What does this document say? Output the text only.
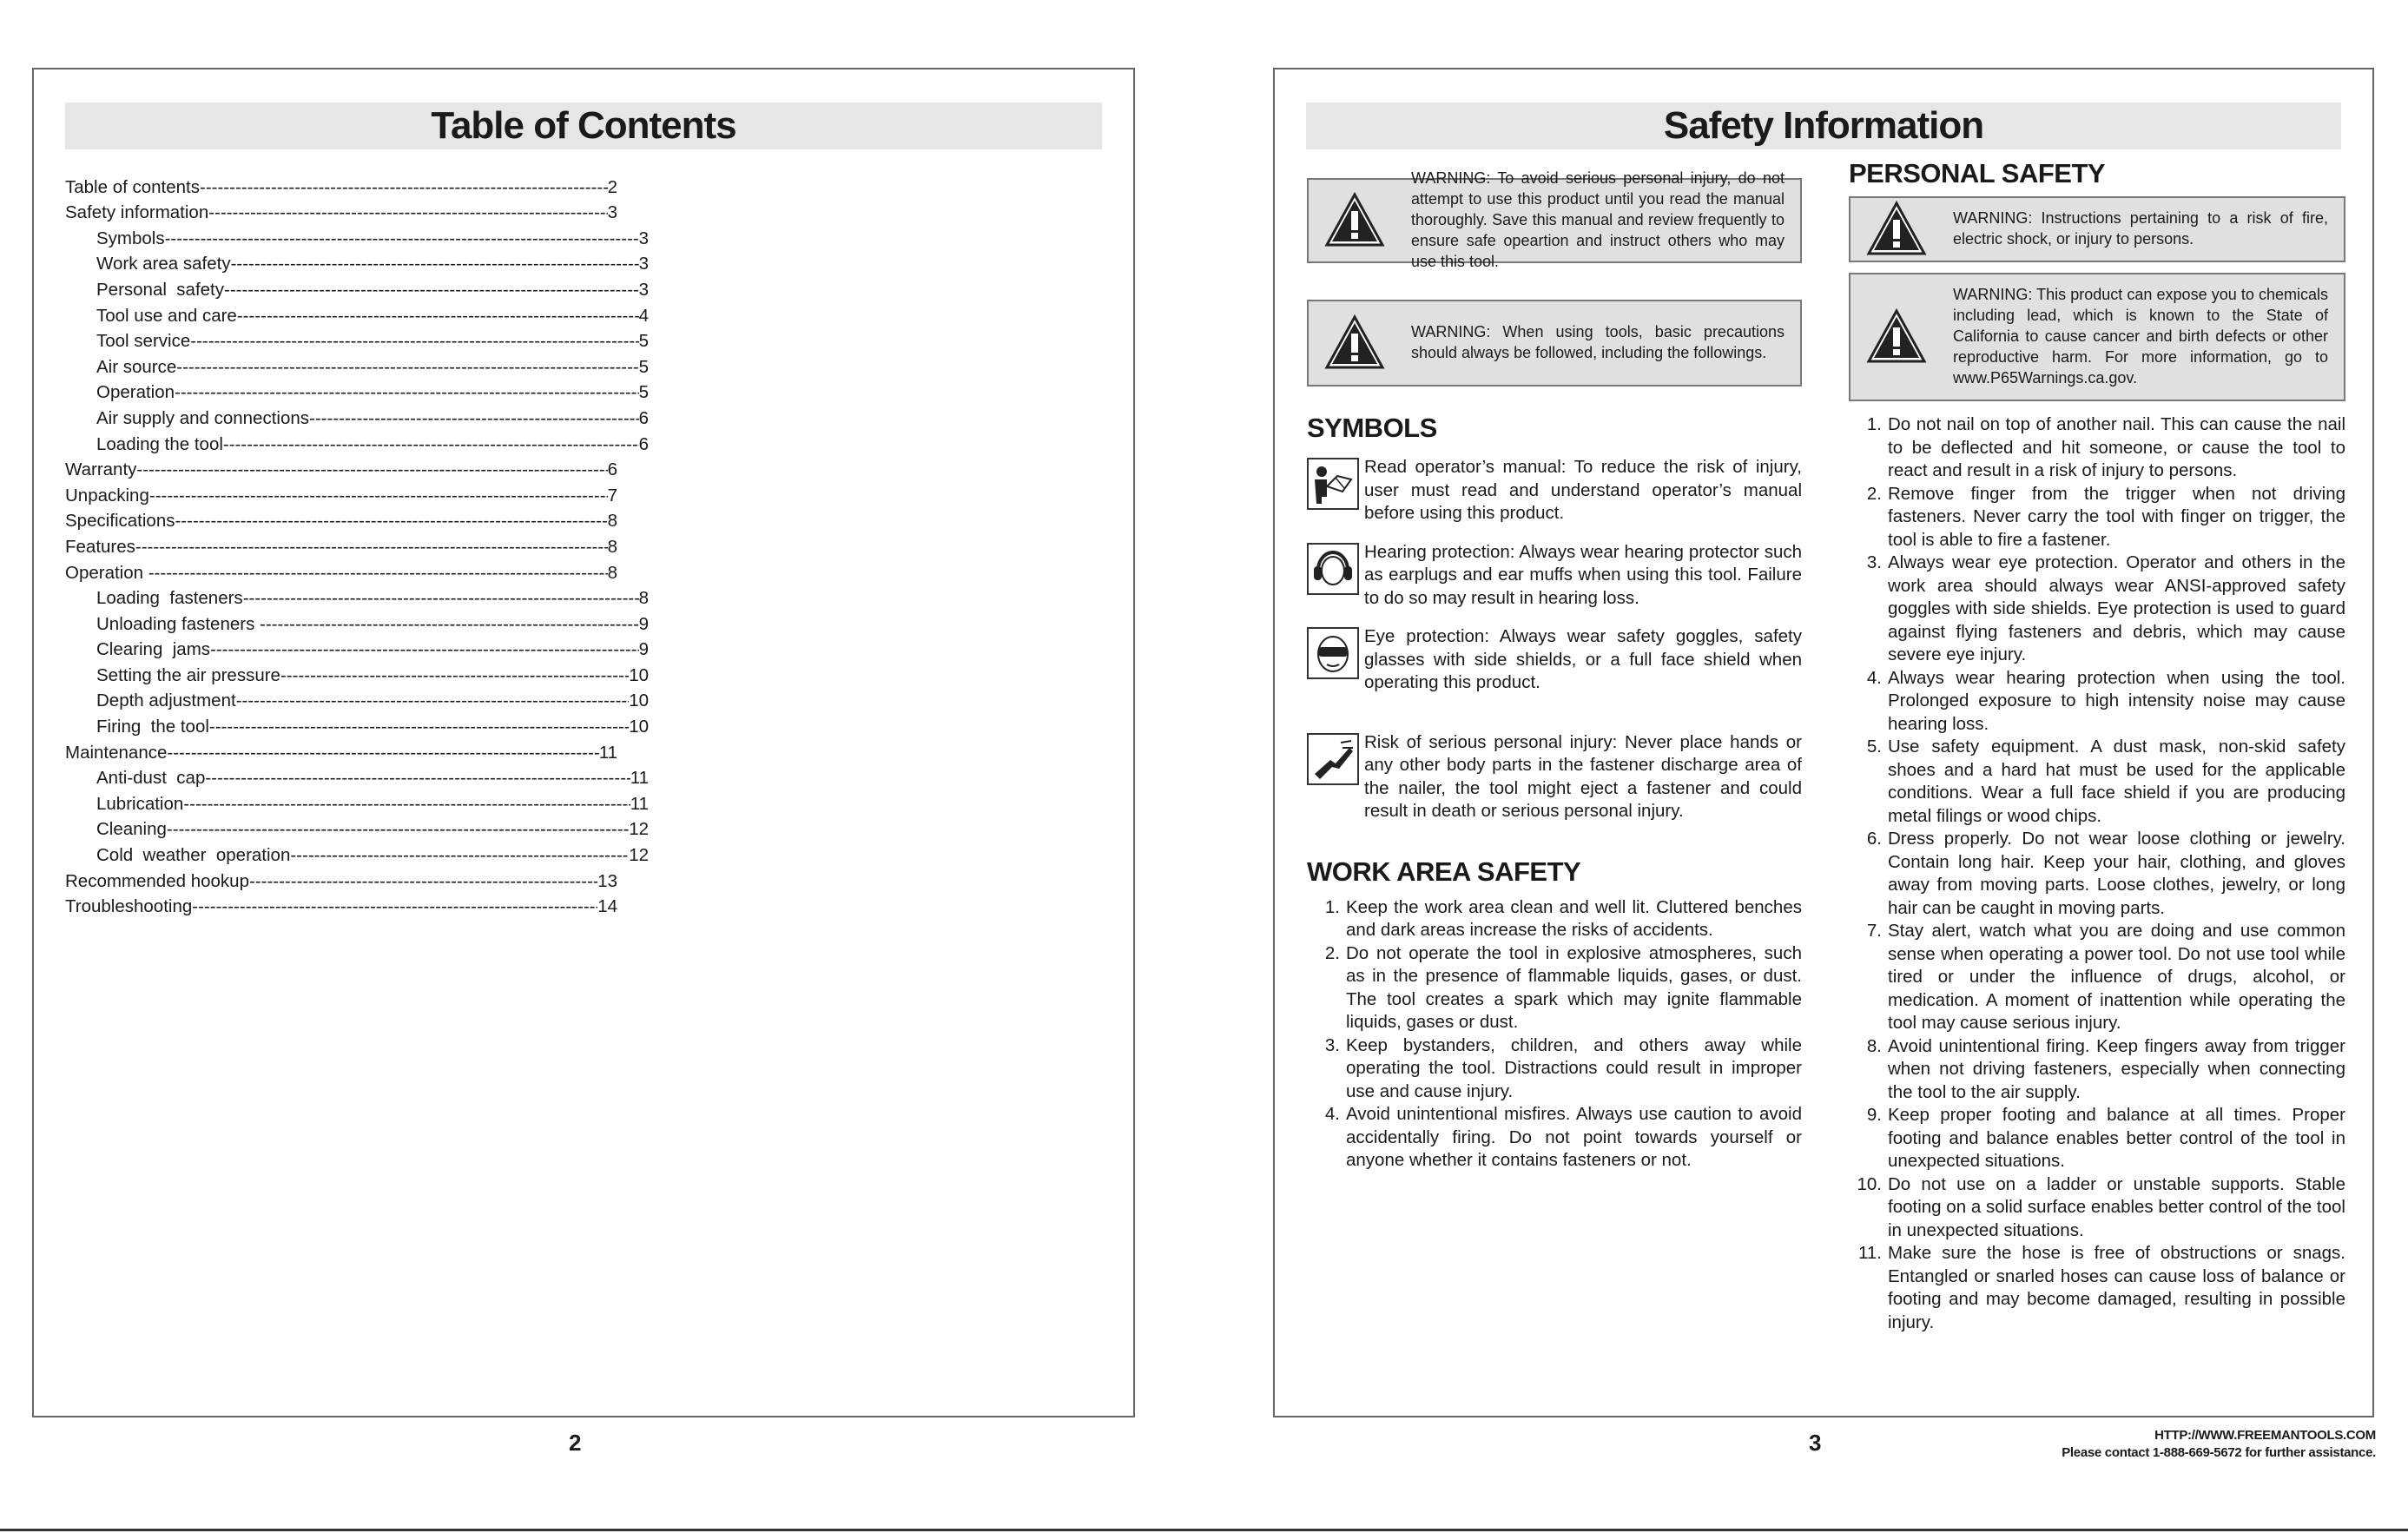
Table of Contents
Table of contents -----	2
Safety information -----	3
Symbols -----	3
Work area safety -----	3
Personal  safety -----	3
Tool use and care -----	4
Tool service -----	5
Air source -----	5
Operation -----	5
Air supply and connections -----	6
Loading the tool -----	6
Warranty -----	6
Unpacking -----	7
Specifications -----	8
Features -----	8
Operation -----	8
Loading  fasteners -----	8
Unloading fasteners -----	9
Clearing  jams -----	9
Setting the air pressure -----	10
Depth adjustment -----	10
Firing  the tool -----	10
Maintenance -----	11
Anti-dust  cap -----	11
Lubrication -----	11
Cleaning -----	12
Cold  weather  operation -----	12
Recommended hookup -----	13
Troubleshooting -----	14
2
Safety Information
WARNING: To avoid serious personal injury, do not attempt to use this product until you read the manual thoroughly. Save this manual and review frequently to ensure safe opeartion and instruct others who may use this tool.
WARNING: When using tools, basic precautions should always be followed, including the followings.
SYMBOLS
Read operator’s manual: To reduce the risk of injury, user must read and understand operator’s manual before using this product.
Hearing protection: Always wear hearing protector such as earplugs and ear muffs when using this tool. Failure to do so may result in hearing loss.
Eye protection: Always wear safety goggles, safety glasses with side shields, or a full face shield when operating this product.
Risk of serious personal injury: Never place hands or any other body parts in the fastener discharge area of the nailer, the tool might eject a fastener and could result in death or serious personal injury.
WORK AREA SAFETY
1. Keep the work area clean and well lit. Cluttered benches and dark areas increase the risks of accidents.
2. Do not operate the tool in explosive atmospheres, such as in the presence of flammable liquids, gases, or dust. The tool creates a spark which may ignite flammable liquids, gases or dust.
3. Keep bystanders, children, and others away while operating the tool. Distractions could result in improper use and cause injury.
4. Avoid unintentional misfires. Always use caution to avoid accidentally firing. Do not point towards yourself or anyone whether it contains fasteners or not.
PERSONAL SAFETY
WARNING: Instructions pertaining to a risk of fire, electric shock, or injury to persons.
WARNING: This product can expose you to chemicals including lead, which is known to the State of California to cause cancer and birth defects or other reproductive harm. For more information, go to www.P65Warnings.ca.gov.
1. Do not nail on top of another nail. This can cause the nail to be deflected and hit someone, or cause the tool to react and result in a risk of injury to persons.
2. Remove finger from the trigger when not driving fasteners. Never carry the tool with finger on trigger, the tool is able to fire a fastener.
3. Always wear eye protection. Operator and others in the work area should always wear ANSI-approved safety goggles with side shields. Eye protection is used to guard against flying fasteners and debris, which may cause severe eye injury.
4. Always wear hearing protection when using the tool. Prolonged exposure to high intensity noise may cause hearing loss.
5. Use safety equipment. A dust mask, non-skid safety shoes and a hard hat must be used for the applicable conditions. Wear a full face shield if you are producing metal filings or wood chips.
6. Dress properly. Do not wear loose clothing or jewelry. Contain long hair. Keep your hair, clothing, and gloves away from moving parts. Loose clothes, jewelry, or long hair can be caught in moving parts.
7. Stay alert, watch what you are doing and use common sense when operating a power tool. Do not use tool while tired or under the influence of drugs, alcohol, or medication. A moment of inattention while operating the tool may cause serious injury.
8. Avoid unintentional firing. Keep fingers away from trigger when not driving fasteners, especially when connecting the tool to the air supply.
9. Keep proper footing and balance at all times. Proper footing and balance enables better control of the tool in unexpected situations.
10. Do not use on a ladder or unstable supports. Stable footing on a solid surface enables better control of the tool in unexpected situations.
11. Make sure the hose is free of obstructions or snags. Entangled or snarled hoses can cause loss of balance or footing and may become damaged, resulting in possible injury.
3	HTTP://WWW.FREEMANTOOLS.COM
Please contact 1-888-669-5672 for further assistance.
